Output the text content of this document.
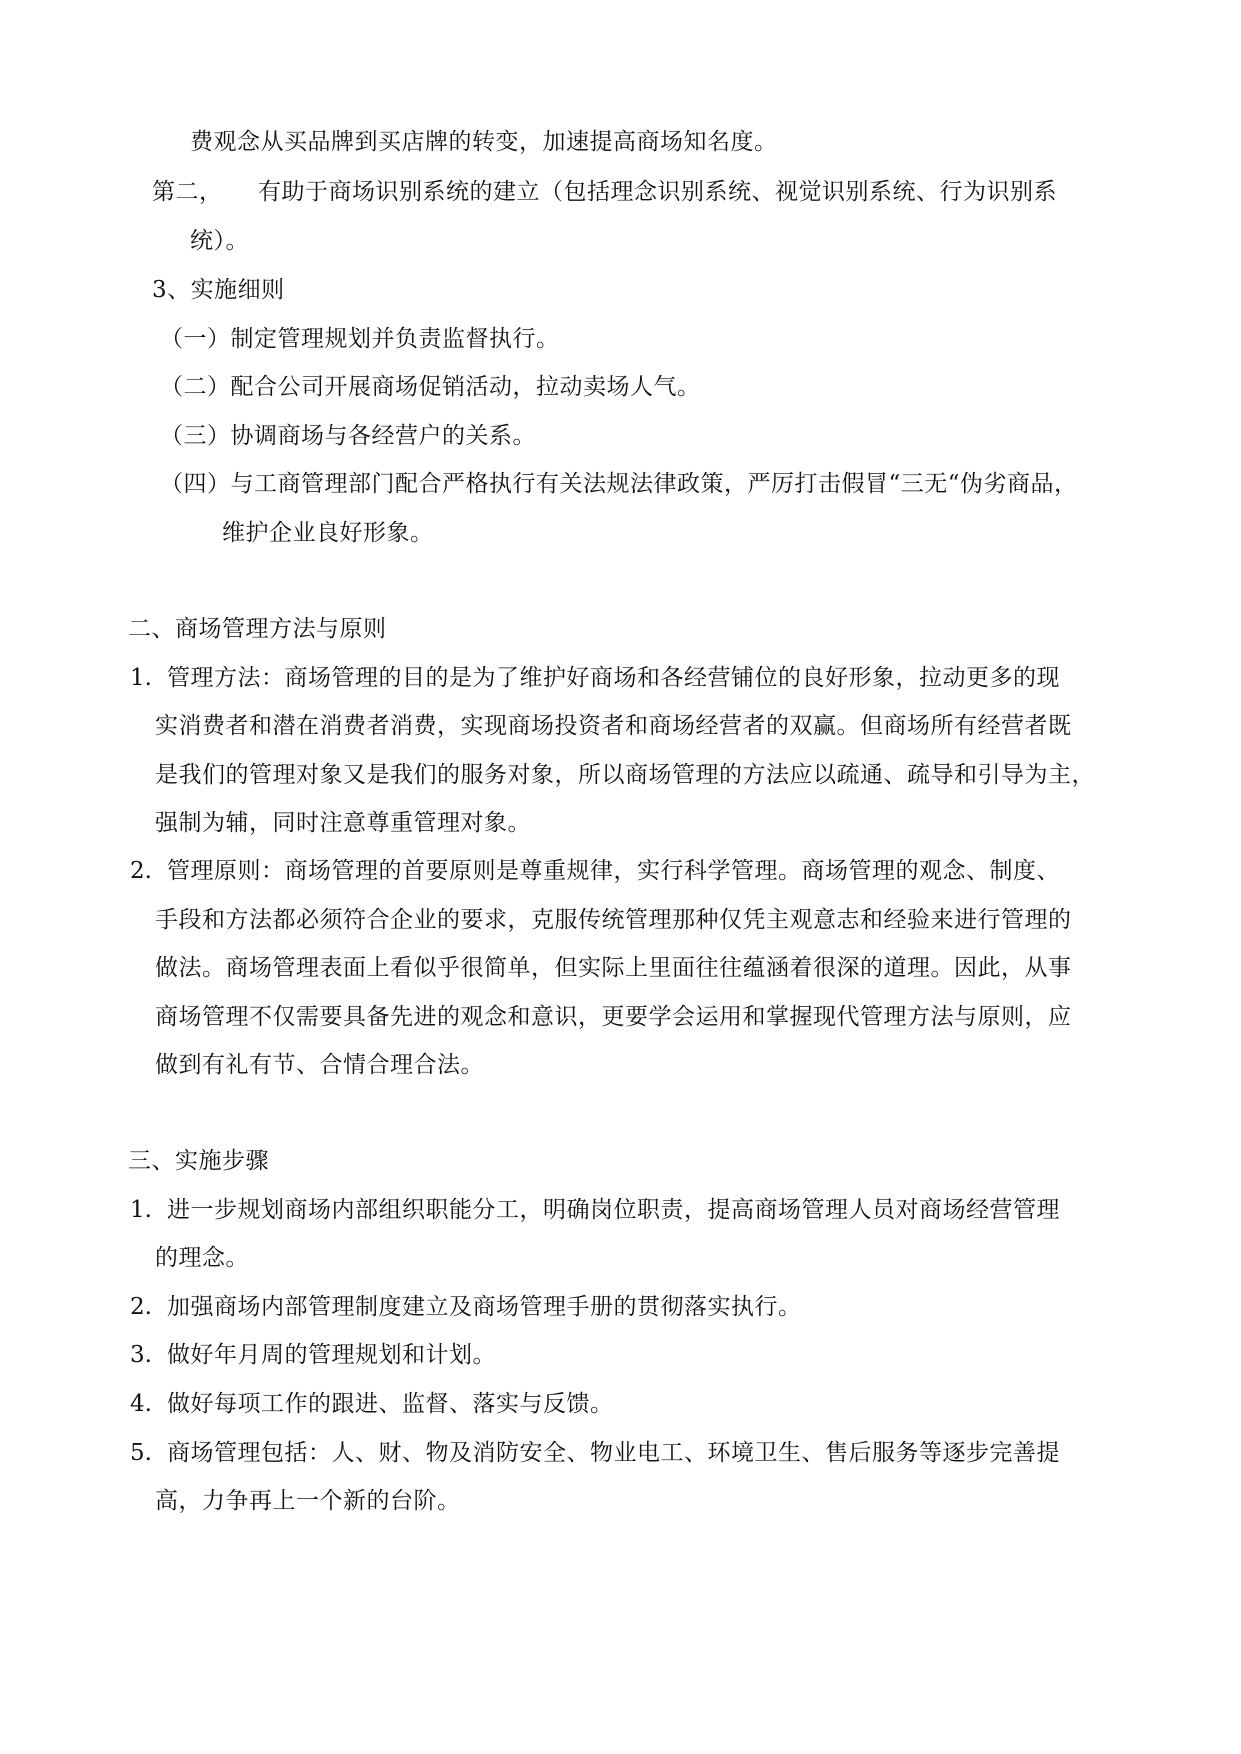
费观念从买品牌到买店牌的转变，加速提高商场知名度。
第二， 有助于商场识别系统的建立（包括理念识别系统、视觉识别系统、行为识别系
统）。
3、实施细则
（一）制定管理规划并负责监督执行。
（二）配合公司开展商场促销活动，拉动卖场人气。
（三）协调商场与各经营户的关系。
（四）与工商管理部门配合严格执行有关法规法律政策，严厉打击假冒“三无“伪劣商品，
维护企业良好形象。
二、商场管理方法与原则
1. 管理方法：商场管理的目的是为了维护好商场和各经营铺位的良好形象，拉动更多的现
实消费者和潜在消费者消费，实现商场投资者和商场经营者的双赢。但商场所有经营者既
是我们的管理对象又是我们的服务对象，所以商场管理的方法应以疏通、疏导和引导为主，
强制为辅，同时注意尊重管理对象。
2. 管理原则：商场管理的首要原则是尊重规律，实行科学管理。商场管理的观念、制度、
手段和方法都必须符合企业的要求，克服传统管理那种仅凭主观意志和经验来进行管理的
做法。商场管理表面上看似乎很简单，但实际上里面往往蕴涵着很深的道理。因此，从事
商场管理不仅需要具备先进的观念和意识，更要学会运用和掌握现代管理方法与原则，应
做到有礼有节、合情合理合法。
三、实施步骤
1. 进一步规划商场内部组织职能分工，明确岗位职责，提高商场管理人员对商场经营管理
的理念。
2. 加强商场内部管理制度建立及商场管理手册的贯彻落实执行。
3. 做好年月周的管理规划和计划。
4. 做好每项工作的跟进、监督、落实与反馈。
5. 商场管理包括：人、财、物及消防安全、物业电工、环境卫生、售后服务等逐步完善提
高，力争再上一个新的台阶。
